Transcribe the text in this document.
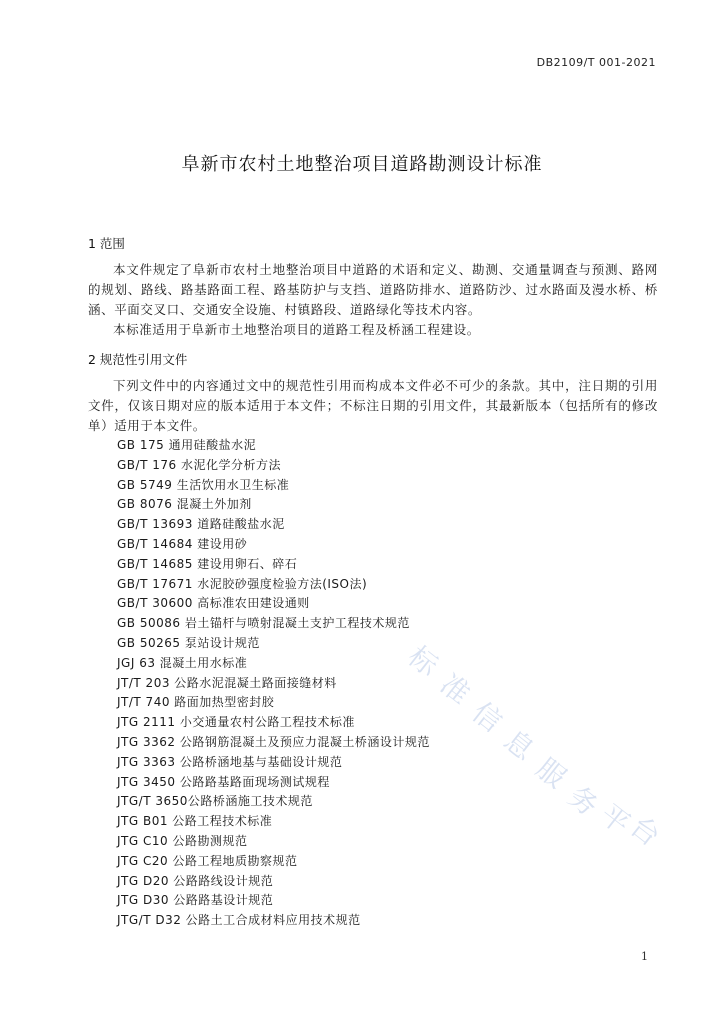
DB2109/T 001-2021
阜新市农村土地整治项目道路勘测设计标准
1 范围

本文件规定了阜新市农村土地整治项目中道路的术语和定义、勘测、交通量调查与预测、路网的规划、路线、路基路面工程、路基防护与支挡、道路防排水、道路防沙、过水路面及漫水桥、桥涵、平面交叉口、交通安全设施、村镇路段、道路绿化等技术内容。

本标准适用于阜新市土地整治项目的道路工程及桥涵工程建设。

2 规范性引用文件

下列文件中的内容通过文中的规范性引用而构成本文件必不可少的条款。其中，注日期的引用文件，仅该日期对应的版本适用于本文件；不标注日期的引用文件，其最新版本（包括所有的修改单）适用于本文件。

GB 175 通用硅酸盐水泥
GB/T 176 水泥化学分析方法
GB 5749 生活饮用水卫生标准
GB 8076 混凝土外加剂
GB/T 13693 道路硅酸盐水泥
GB/T 14684 建设用砂
GB/T 14685 建设用卵石、碎石
GB/T 17671 水泥胶砂强度检验方法(ISO法)
GB/T 30600 高标准农田建设通则
GB 50086 岩土锚杆与喷射混凝土支护工程技术规范
GB 50265 泵站设计规范
JGJ 63 混凝土用水标准
JT/T 203 公路水泥混凝土路面接缝材料
JT/T 740 路面加热型密封胶
JTG 2111 小交通量农村公路工程技术标准
JTG 3362 公路钢筋混凝土及预应力混凝土桥涵设计规范
JTG 3363 公路桥涵地基与基础设计规范
JTG 3450 公路路基路面现场测试规程
JTG/T 3650公路桥涵施工技术规范
JTG B01 公路工程技术标准
JTG C10 公路勘测规范
JTG C20 公路工程地质勘察规范
JTG D20 公路路线设计规范
JTG D30 公路路基设计规范
JTG/T D32 公路土工合成材料应用技术规范
标
准
信
息
服
务
平
台
1
